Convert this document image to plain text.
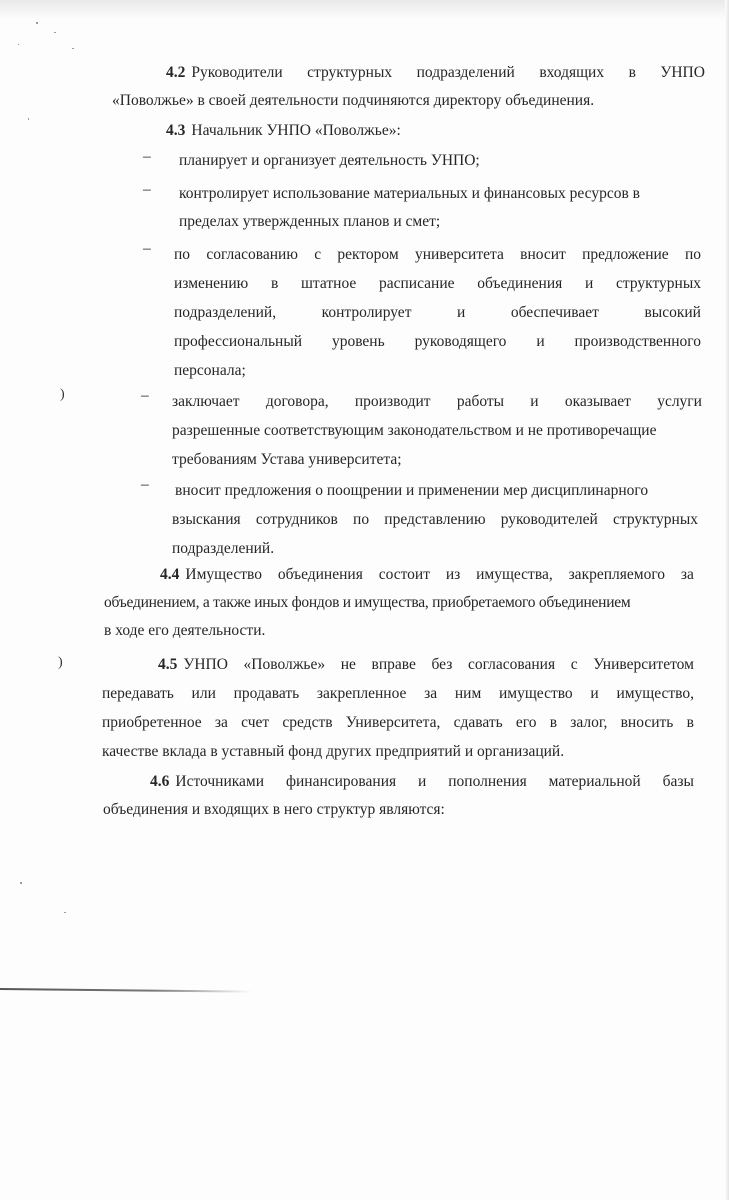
)
)
4.2 Руководители структурных подразделений входящих в УНПО
«Поволжье» в своей деятельности подчиняются директору объединения.
4.3 Начальник УНПО «Поволжье»:
– планирует и организует деятельность УНПО;
– контролирует использование материальных и финансовых ресурсов в
пределах утвержденных планов и смет;
– по согласованию с ректором университета вносит предложение по
изменению в штатное расписание объединения и структурных
подразделений,	контролирует	и	обеспечивает	высокий
профессиональный уровень руководящего и производственного
персонала;
– заключает договора, производит работы и оказывает услуги
разрешенные соответствующим законодательством и не противоречащие
требованиям Устава университета;
– вносит предложения о поощрении и применении мер дисциплинарного
взыскания сотрудников по представлению руководителей структурных
подразделений.
4.4 Имущество объединения состоит из имущества, закрепляемого за
объединением, а также иных фондов и имущества, приобретаемого объединением
в ходе его деятельности.
4.5 УНПО «Поволжье» не вправе без согласования с Университетом
передавать или продавать закрепленное за ним имущество и имущество,
приобретенное за счет средств Университета, сдавать его в залог, вносить в
качестве вклада в уставный фонд других предприятий и организаций.
4.6 Источниками финансирования и пополнения материальной базы
объединения и входящих в него структур являются:
